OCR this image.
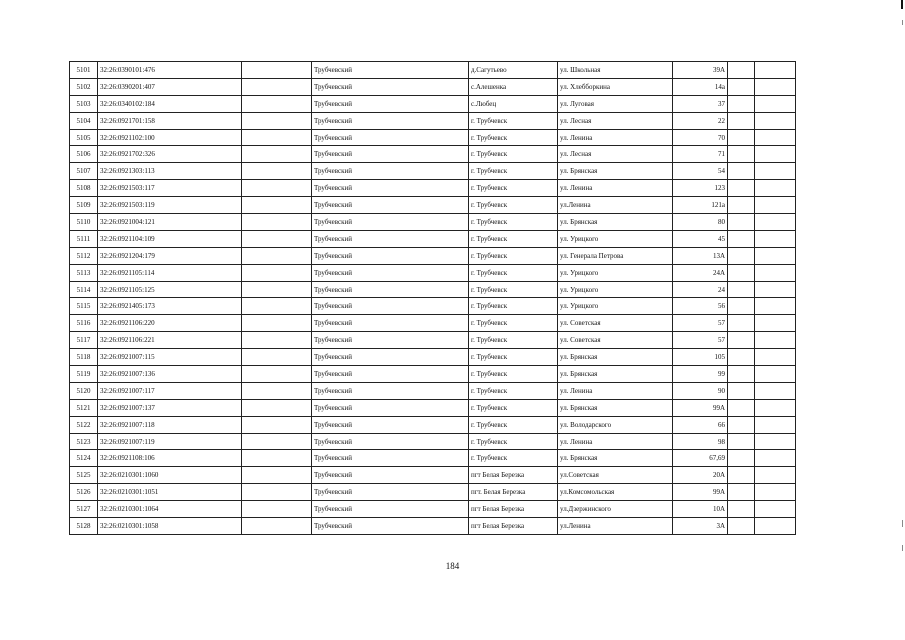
5101	32:26:0390101:476		Трубчевский	д.Сагутьево	ул. Школьная	39А		
5102	32:26:0390201:407		Трубчевский	с.Алешенка	ул. Хлебборкина	14а		
5103	32:26:0340102:184		Трубчевский	с.Любец	ул. Луговая	37		
5104	32:26:0921701:158		Трубчевский	г. Трубчевск	ул. Лесная	22		
5105	32:26:0921102:100		Трубчевский	г. Трубчевск	ул. Ленина	70		
5106	32:26:0921702:326		Трубчевский	г. Трубчевск	ул. Лесная	71		
5107	32:26:0921303:113		Трубчевский	г. Трубчевск	ул. Брянская	54		
5108	32:26:0921503:117		Трубчевский	г. Трубчевск	ул. Ленина	123		
5109	32:26:0921503:119		Трубчевский	г. Трубчевск	ул.Ленина	121а		
5110	32:26:0921004:121		Трубчевский	г. Трубчевск	ул. Брянская	80		
5111	32:26:0921104:109		Трубчевский	г. Трубчевск	ул. Урицкого	45		
5112	32:26:0921204:179		Трубчевский	г. Трубчевск	ул. Генерала Петрова	13А		
5113	32:26:0921105:114		Трубчевский	г. Трубчевск	ул. Урицкого	24А		
5114	32:26:0921105:125		Трубчевский	г. Трубчевск	ул. Урицкого	24		
5115	32:26:0921405:173		Трубчевский	г. Трубчевск	ул. Урицкого	56		
5116	32:26:0921106:220		Трубчевский	г. Трубчевск	ул. Советская	57		
5117	32:26:0921106:221		Трубчевский	г. Трубчевск	ул. Советская	57		
5118	32:26:0921007:115		Трубчевский	г. Трубчевск	ул. Брянская	105		
5119	32:26:0921007:136		Трубчевский	г. Трубчевск	ул. Брянская	99		
5120	32:26:0921007:117		Трубчевский	г. Трубчевск	ул. Ленина	90		
5121	32:26:0921007:137		Трубчевский	г. Трубчевск	ул. Брянская	99А		
5122	32:26:0921007:118		Трубчевский	г. Трубчевск	ул. Володарского	66		
5123	32:26:0921007:119		Трубчевский	г. Трубчевск	ул. Ленина	98		
5124	32:26:0921108:106		Трубчевский	г. Трубчевск	ул. Брянская	67,69		
5125	32:26:0210301:1060		Трубчевский	пгт Белая Березка	ул.Советская	20А		
5126	32:26:0210301:1051		Трубчевский	пгт. Белая Березка	ул.Комсомольская	99А		
5127	32:26:0210301:1064		Трубчевский	пгт Белая Березка	ул.Дзержинского	10А		
5128	32:26:0210301:1058		Трубчевский	пгт Белая Березка	ул.Ленина	3А		
184
